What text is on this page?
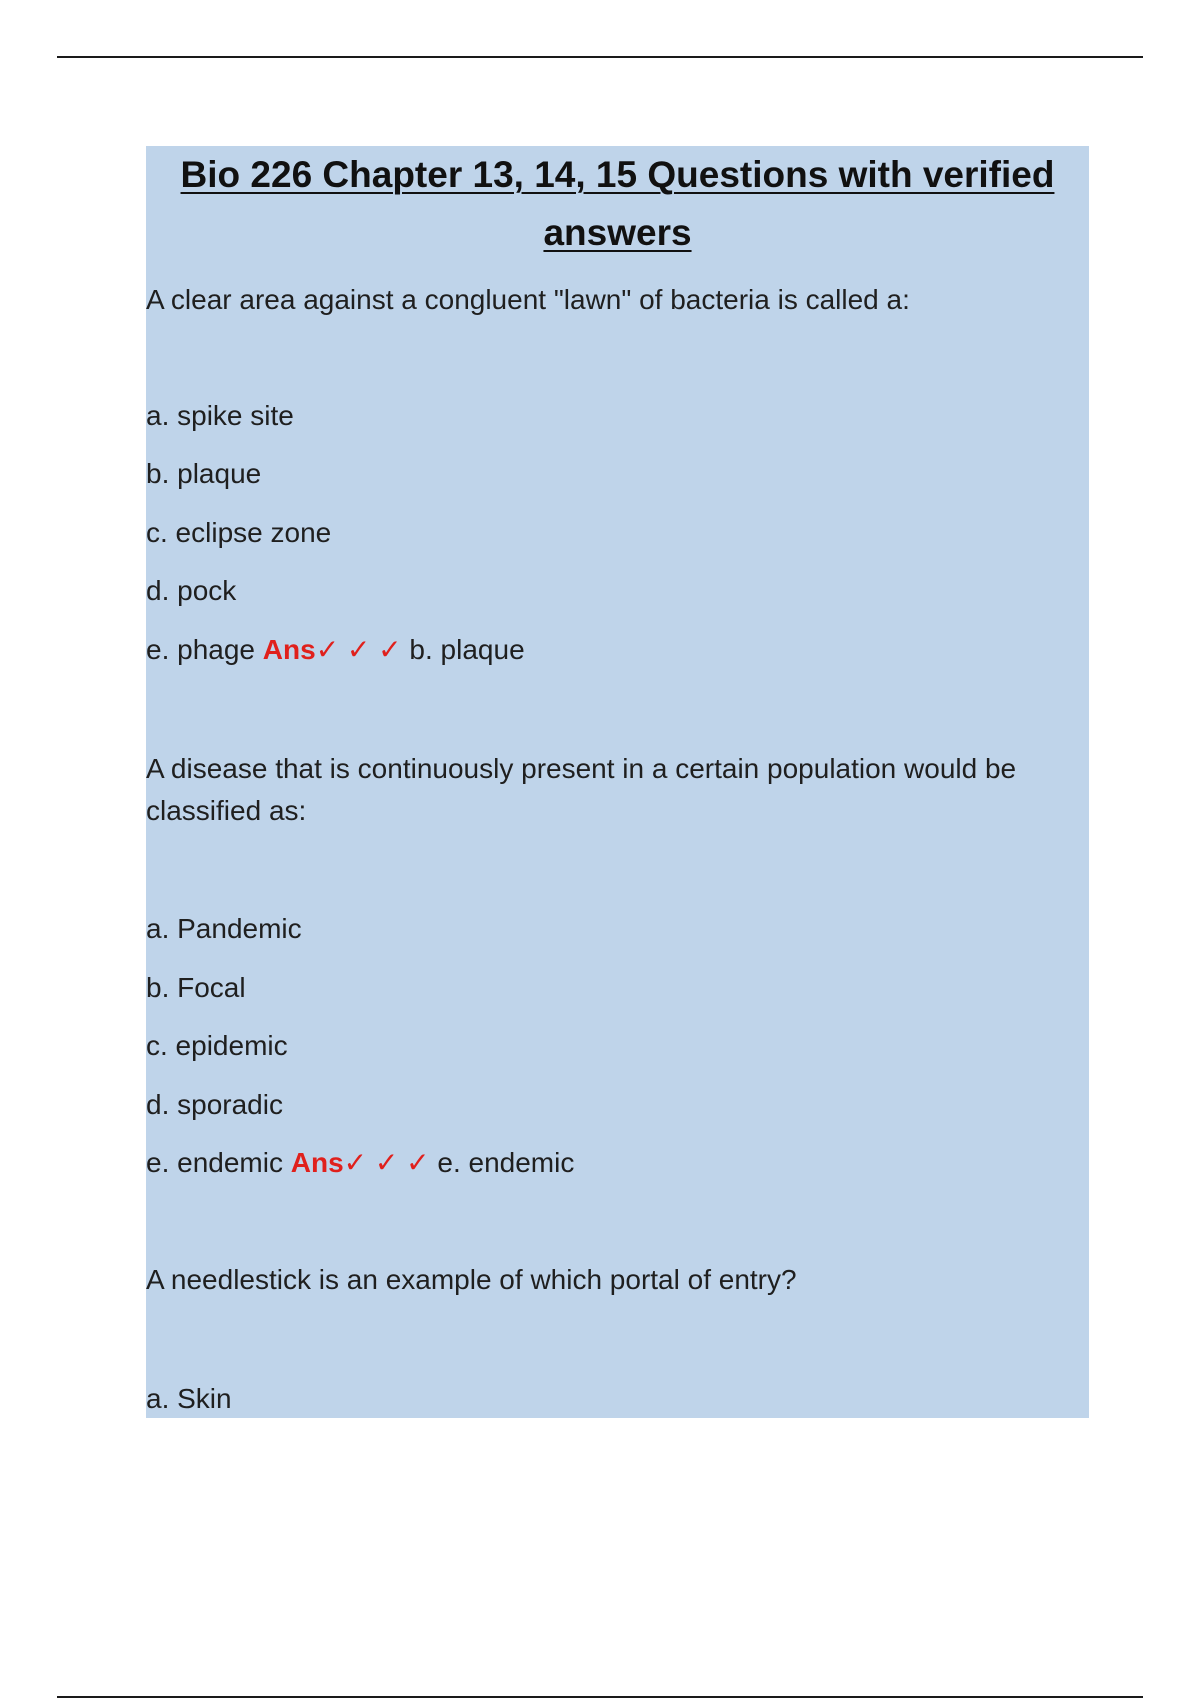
Bio 226 Chapter 13, 14, 15 Questions with verified answers
A clear area against a congluent "lawn" of bacteria is called a:
a. spike site
b. plaque
c. eclipse zone
d. pock
e. phage Ans✓ ✓ ✓ b. plaque
A disease that is continuously present in a certain population would be classified as:
a. Pandemic
b. Focal
c. epidemic
d. sporadic
e. endemic Ans✓ ✓ ✓ e. endemic
A needlestick is an example of which portal of entry?
a. Skin
